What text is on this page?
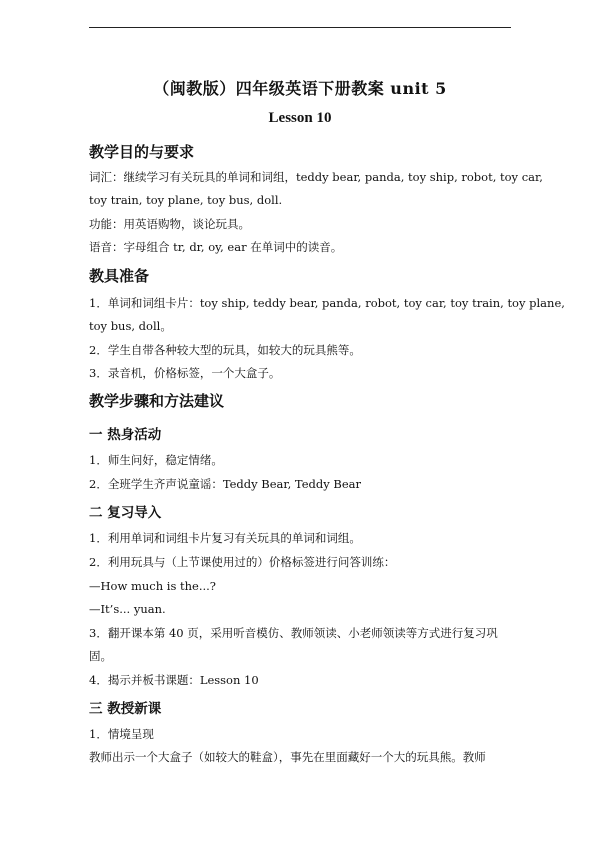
（闽教版）四年级英语下册教案 unit 5
Lesson 10
教学目的与要求
词汇：继续学习有关玩具的单词和词组，teddy bear, panda, toy ship, robot, toy car,
toy train, toy plane, toy bus, doll.
功能：用英语购物，谈论玩具。
语音：字母组合 tr, dr, oy, ear 在单词中的读音。
教具准备
1．单词和词组卡片：toy ship, teddy bear, panda, robot, toy car, toy train, toy plane,
toy bus, doll。
2．学生自带各种较大型的玩具，如较大的玩具熊等。
3．录音机，价格标签，一个大盒子。
教学步骤和方法建议
一 热身活动
1．师生问好，稳定情绪。
2．全班学生齐声说童谣：Teddy Bear, Teddy Bear
二 复习导入
1．利用单词和词组卡片复习有关玩具的单词和词组。
2．利用玩具与（上节课使用过的）价格标签进行问答训练：
—How much is the...?
—It’s... yuan.
3．翻开课本第 40 页，采用听音模仿、教师领读、小老师领读等方式进行复习巩
固。
4．揭示并板书课题：Lesson 10
三 教授新课
1．情境呈现
教师出示一个大盒子（如较大的鞋盒），事先在里面藏好一个大的玩具熊。教师
